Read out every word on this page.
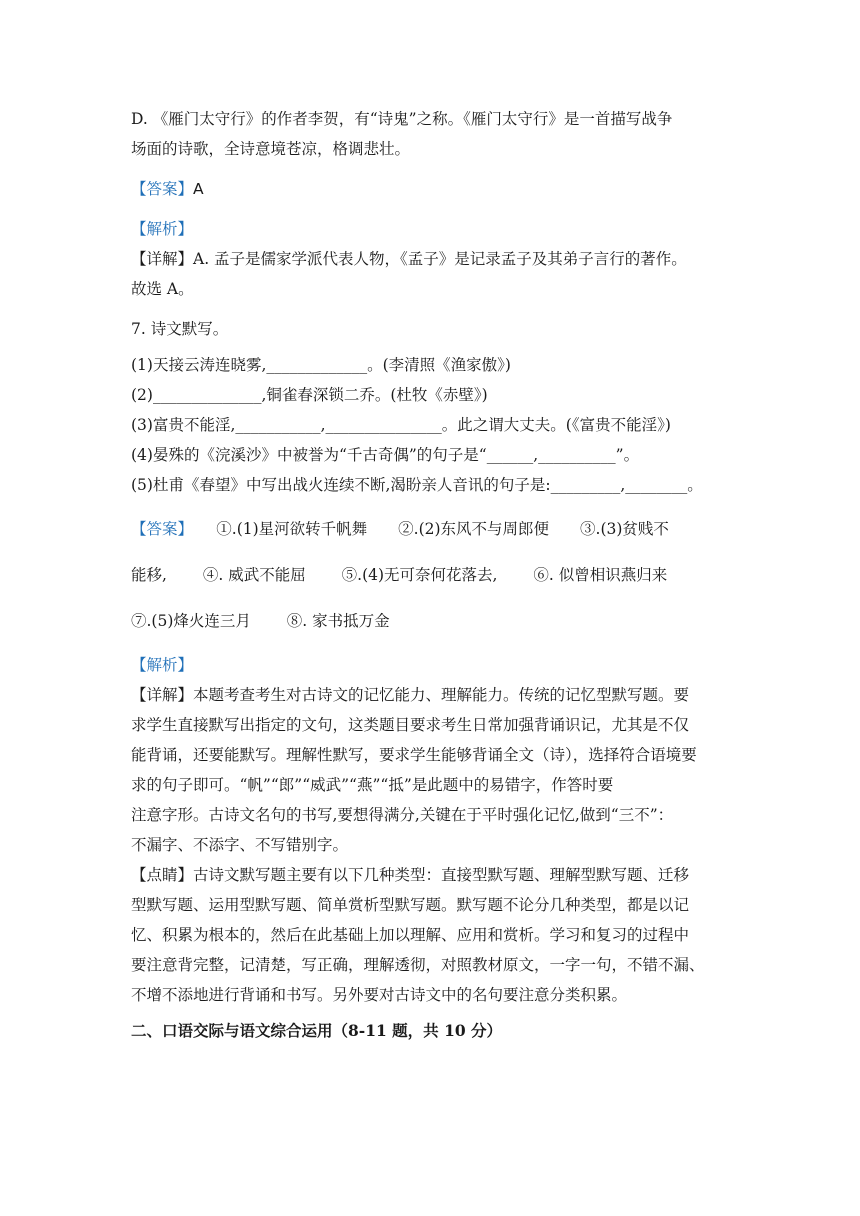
D. 《雁门太守行》的作者李贺，有“诗鬼”之称。《雁门太守行》是一首描写战争

场面的诗歌，全诗意境苍凉，格调悲壮。

【答案】A

【解析】

【详解】A. 孟子是儒家学派代表人物，《孟子》是记录孟子及其弟子言行的著作。

故选 A。

7. 诗文默写。

(1)天接云涛连晓雾,_____________。(李清照《渔家傲》)

(2)______________,铜雀春深锁二乔。(杜牧《赤壁》)

(3)富贵不能淫,___________,_______________。此之谓大丈夫。(《富贵不能淫》)

(4)晏殊的《浣溪沙》中被誉为“千古奇偶”的句子是“______,__________”。

(5)杜甫《春望》中写出战火连续不断,渴盼亲人音讯的句子是:_________,________。

【答案】　　 ①.(1)星河欲转千帆舞　　②.(2)东风不与周郎便　　③.(3)贫贱不

能移,　　 ④. 威武不能屈　　 ⑤.(4)无可奈何花落去,　　 ⑥. 似曾相识燕归来

⑦.(5)烽火连三月　　 ⑧. 家书抵万金

【解析】

【详解】本题考查考生对古诗文的记忆能力、理解能力。传统的记忆型默写题。要

求学生直接默写出指定的文句，这类题目要求考生日常加强背诵识记，尤其是不仅

能背诵，还要能默写。理解性默写，要求学生能够背诵全文（诗），选择符合语境要

求的句子即可。“帆”“郎”“威武”“燕”“抵”是此题中的易错字，作答时要

注意字形。古诗文名句的书写,要想得满分,关键在于平时强化记忆,做到“三不”：

不漏字、不添字、不写错别字。

【点睛】古诗文默写题主要有以下几种类型：直接型默写题、理解型默写题、迁移

型默写题、运用型默写题、简单赏析型默写题。默写题不论分几种类型，都是以记

忆、积累为根本的，然后在此基础上加以理解、应用和赏析。学习和复习的过程中

要注意背完整，记清楚，写正确，理解透彻，对照教材原文，一字一句，不错不漏、

不增不添地进行背诵和书写。另外要对古诗文中的名句要注意分类积累。

二、口语交际与语文综合运用（8-11 题，共 10 分）
